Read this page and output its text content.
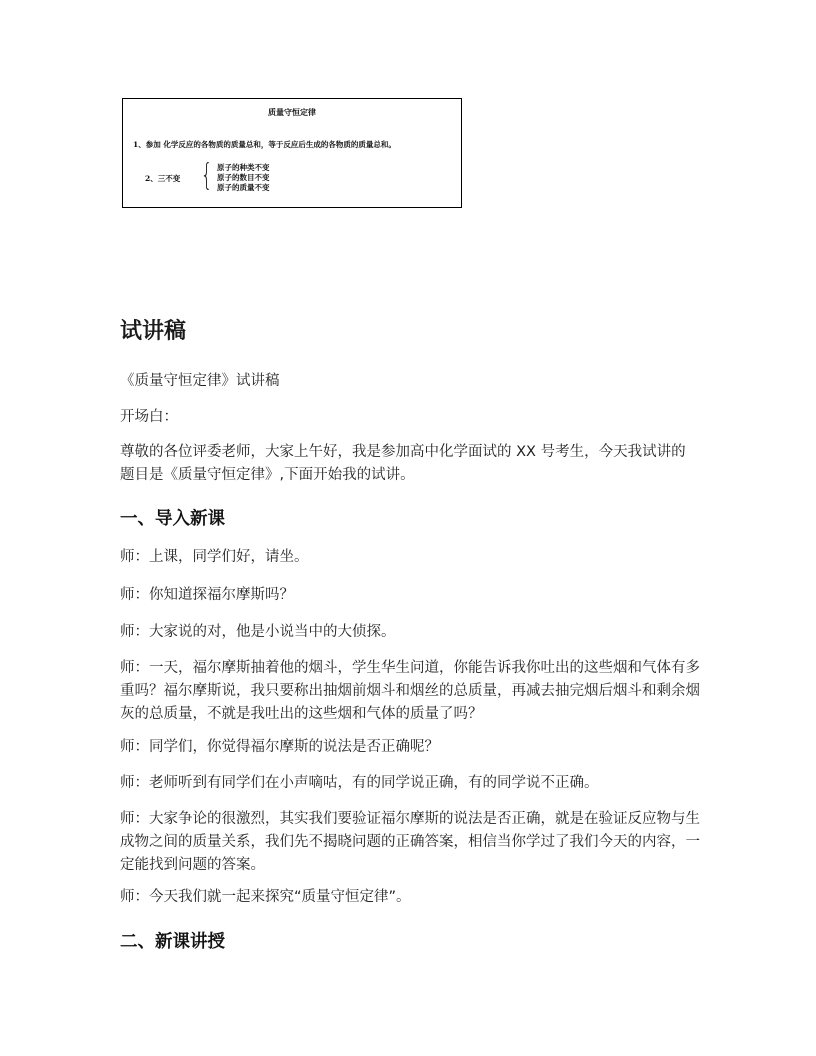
质量守恒定律
1、参加 化学反应的各物质的质量总和，等于反应后生成的各物质的质量总和。
2、三不变 { 原子的种类不变
原子的数目不变
原子的质量不变
试讲稿

《质量守恒定律》试讲稿

开场白：

尊敬的各位评委老师，大家上午好，我是参加高中化学面试的 XX 号考生，今天我试讲的题目是《质量守恒定律》,下面开始我的试讲。

一、导入新课

师：上课，同学们好，请坐。

师：你知道探福尔摩斯吗？

师：大家说的对，他是小说当中的大侦探。

师：一天，福尔摩斯抽着他的烟斗，学生华生问道，你能告诉我你吐出的这些烟和气体有多重吗？福尔摩斯说，我只要称出抽烟前烟斗和烟丝的总质量，再减去抽完烟后烟斗和剩余烟灰的总质量，不就是我吐出的这些烟和气体的质量了吗？

师：同学们，你觉得福尔摩斯的说法是否正确呢？

师：老师听到有同学们在小声嘀咕，有的同学说正确，有的同学说不正确。

师：大家争论的很激烈，其实我们要验证福尔摩斯的说法是否正确，就是在验证反应物与生成物之间的质量关系，我们先不揭晓问题的正确答案，相信当你学过了我们今天的内容，一定能找到问题的答案。

师：今天我们就一起来探究“质量守恒定律”。

二、新课讲授
